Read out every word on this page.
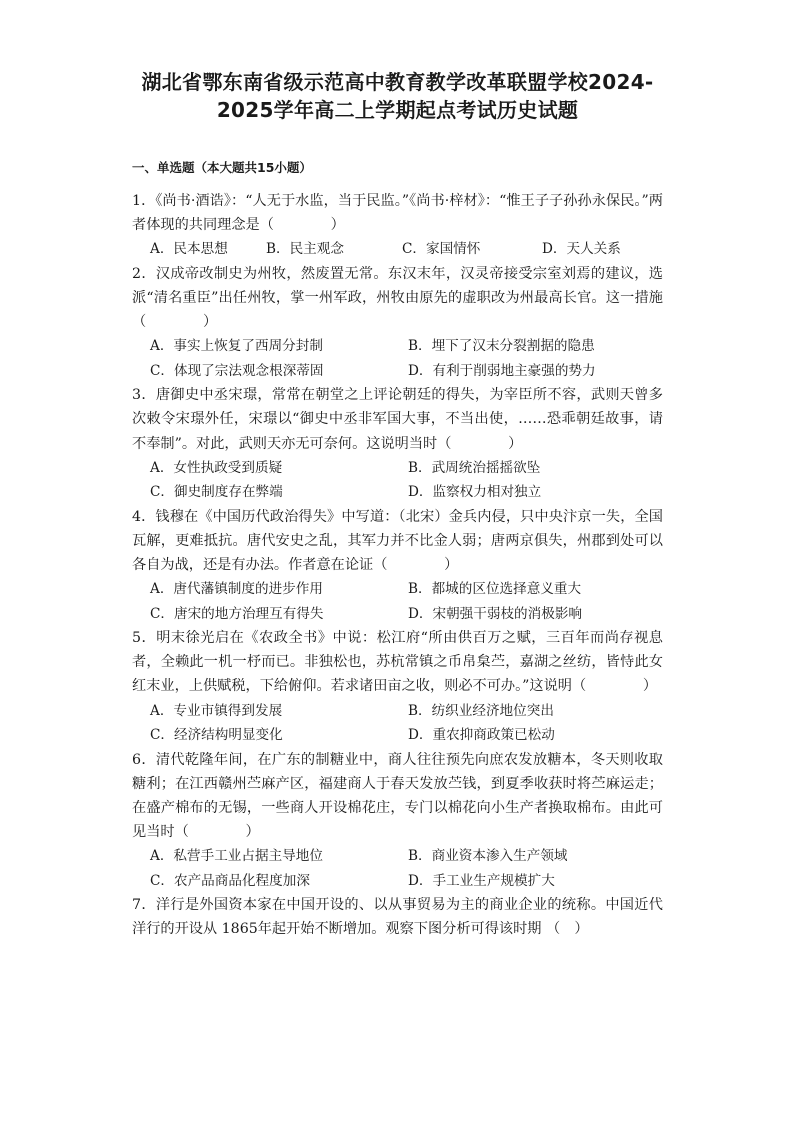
湖北省鄂东南省级示范高中教育教学改革联盟学校2024-
2025学年高二上学期起点考试历史试题
一、单选题（本大题共15小题）

1．《尚书·酒诰》：“人无于水监，当于民监。”《尚书·梓材》：“惟王子子孙孙永保民。”两者体现的共同理念是（　　　　）

A．民本思想	B．民主观念	C．家国情怀	D．天人关系

2．汉成帝改制史为州牧，然废置无常。东汉末年，汉灵帝接受宗室刘焉的建议，选派“清名重臣”出任州牧，掌一州军政，州牧由原先的虚职改为州最高长官。这一措施（　　　　）

A．事实上恢复了西周分封制	B．埋下了汉末分裂割据的隐患
C．体现了宗法观念根深蒂固	D．有利于削弱地主豪强的势力

3．唐御史中丞宋璟，常常在朝堂之上评论朝廷的得失，为宰臣所不容，武则天曾多次敕令宋璟外任，宋璟以“御史中丞非军国大事，不当出使，……恐乖朝廷故事，请不奉制”。对此，武则天亦无可奈何。这说明当时（　　　　）

A．女性执政受到质疑	B．武周统治摇摇欲坠
C．御史制度存在弊端	D．监察权力相对独立

4．钱穆在《中国历代政治得失》中写道：（北宋）金兵内侵，只中央汴京一失，全国瓦解，更难抵抗。唐代安史之乱，其军力并不比金人弱；唐两京俱失，州郡到处可以各自为战，还是有办法。作者意在论证（　　　　）

A．唐代藩镇制度的进步作用	B．都城的区位选择意义重大
C．唐宋的地方治理互有得失	D．宋朝强干弱枝的消极影响

5．明末徐光启在《农政全书》中说：松江府“所由供百万之赋，三百年而尚存视息者，全赖此一机一杼而已。非独松也，苏杭常镇之币帛枲苎，嘉湖之丝纺，皆恃此女红末业，上供赋税，下给俯仰。若求诸田亩之收，则必不可办。”这说明（　　　　）

A．专业市镇得到发展	B．纺织业经济地位突出
C．经济结构明显变化	D．重农抑商政策已松动

6．清代乾隆年间，在广东的制糖业中，商人往往预先向庶农发放糖本，冬天则收取糖利；在江西赣州苎麻产区，福建商人于春天发放苎钱，到夏季收获时将苎麻运走；在盛产棉布的无锡，一些商人开设棉花庄，专门以棉花向小生产者换取棉布。由此可见当时（　　　　）

A．私营手工业占据主导地位	B．商业资本渗入生产领域
C．农产品商品化程度加深	D．手工业生产规模扩大

7．洋行是外国资本家在中国开设的、以从事贸易为主的商业企业的统称。中国近代洋行的开设从 1865年起开始不断增加。观察下图分析可得该时期 （　）
